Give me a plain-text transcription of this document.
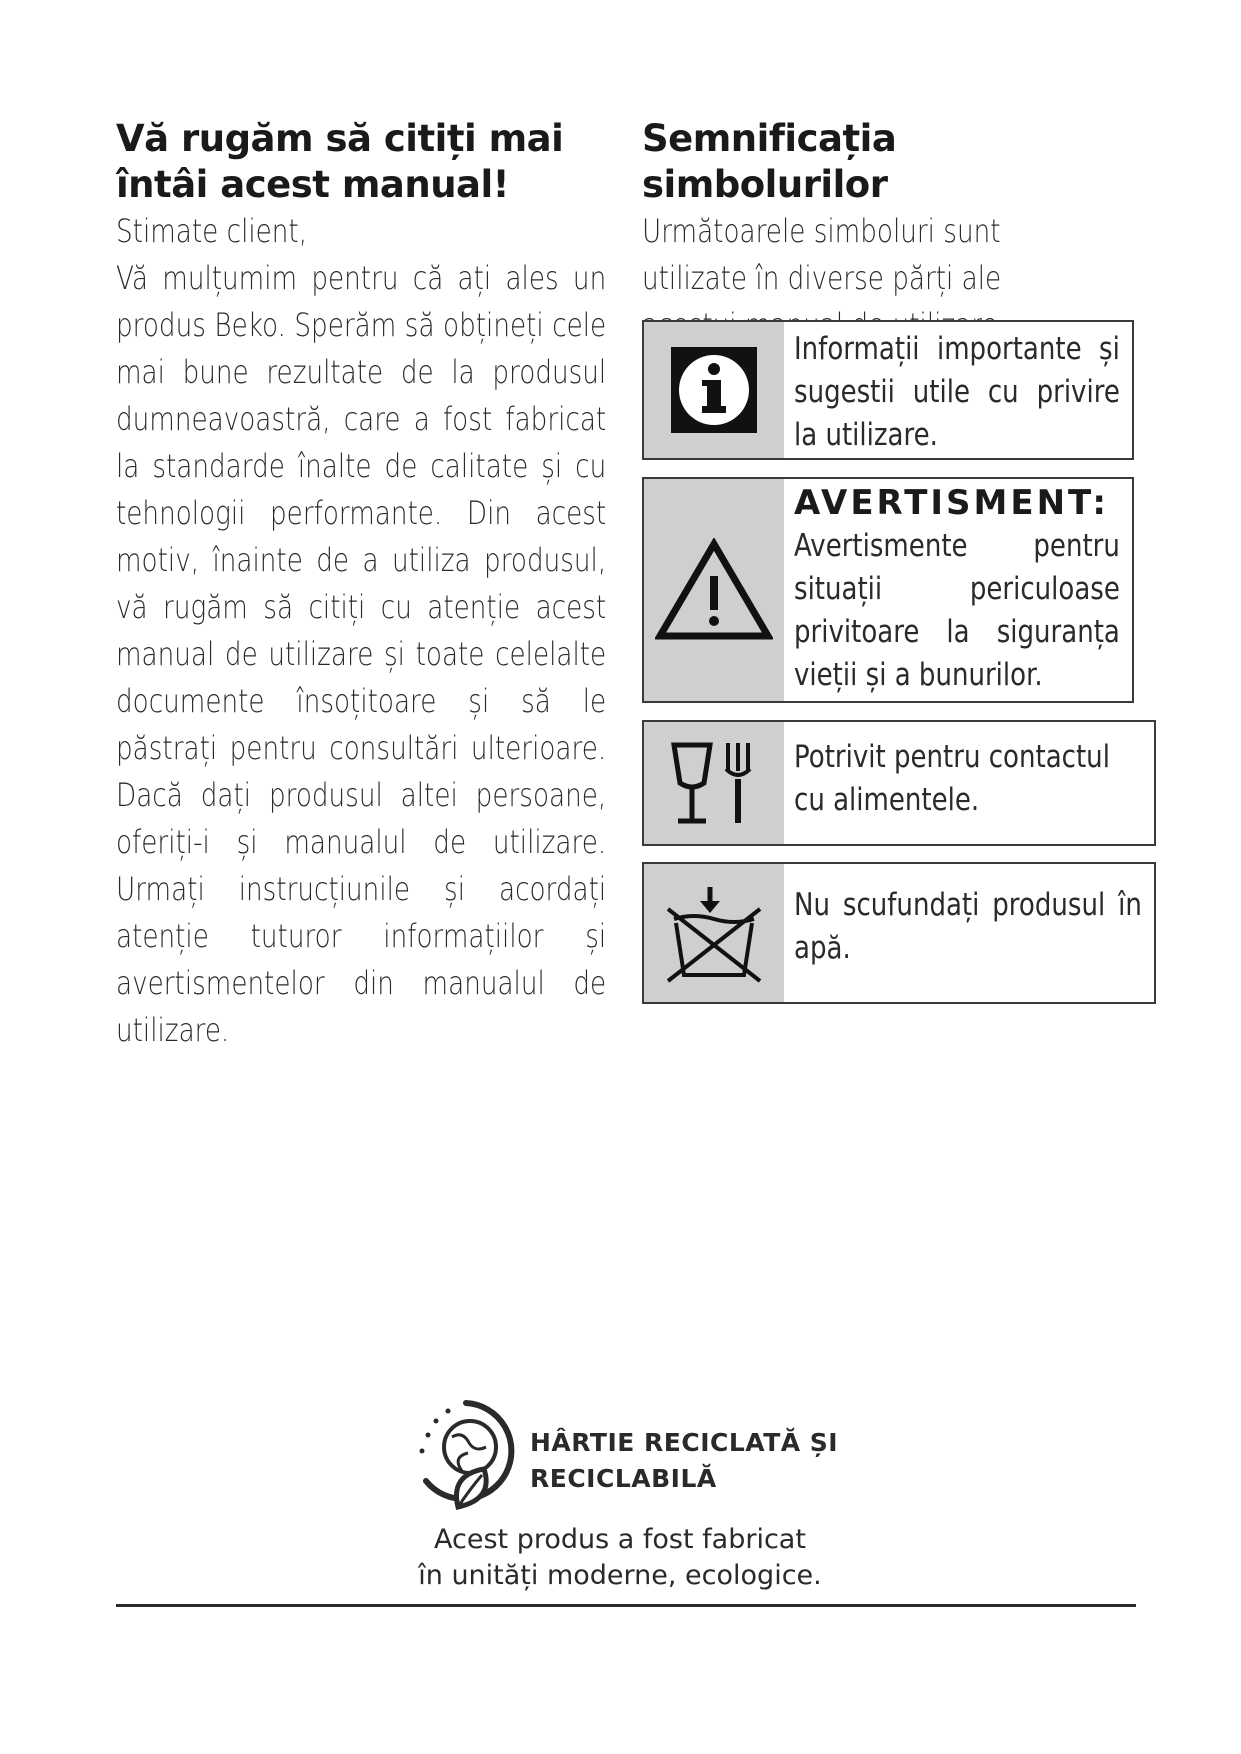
Vă rugăm să citiți mai
întâi acest manual!
Stimate client,
Vă mulțumim pentru că ați ales un produs Beko. Sperăm să obțineți cele mai bune rezultate de la produsul dumneavoastră, care a fost fabricat la standarde înalte de calitate și cu tehnologii performante. Din acest motiv, înainte de a utiliza produsul, vă rugăm să citiți cu atenție acest manual de utilizare și toate celelalte documente însoțitoare și să le păstrați pentru consultări ulterioare. Dacă dați produsul altei persoane, oferiți-i și manualul de utilizare. Urmați instrucțiunile și acordați atenție tuturor informațiilor și avertismentelor din manualul de utilizare.
Semnificația simbolurilor
Următoarele simboluri sunt utilizate în diverse părți ale
Informații importante și sugestii utile cu privire la utilizare.
AVERTISMENT:
Avertismente pentru situații periculoase privitoare la siguranța vieții și a bunurilor.
Potrivit pentru contactul cu alimentele.
Nu scufundați produsul în apă.
HÂRTIE RECICLATĂ ȘI
RECICLABILĂ
Acest produs a fost fabricat
în unități moderne, ecologice.
